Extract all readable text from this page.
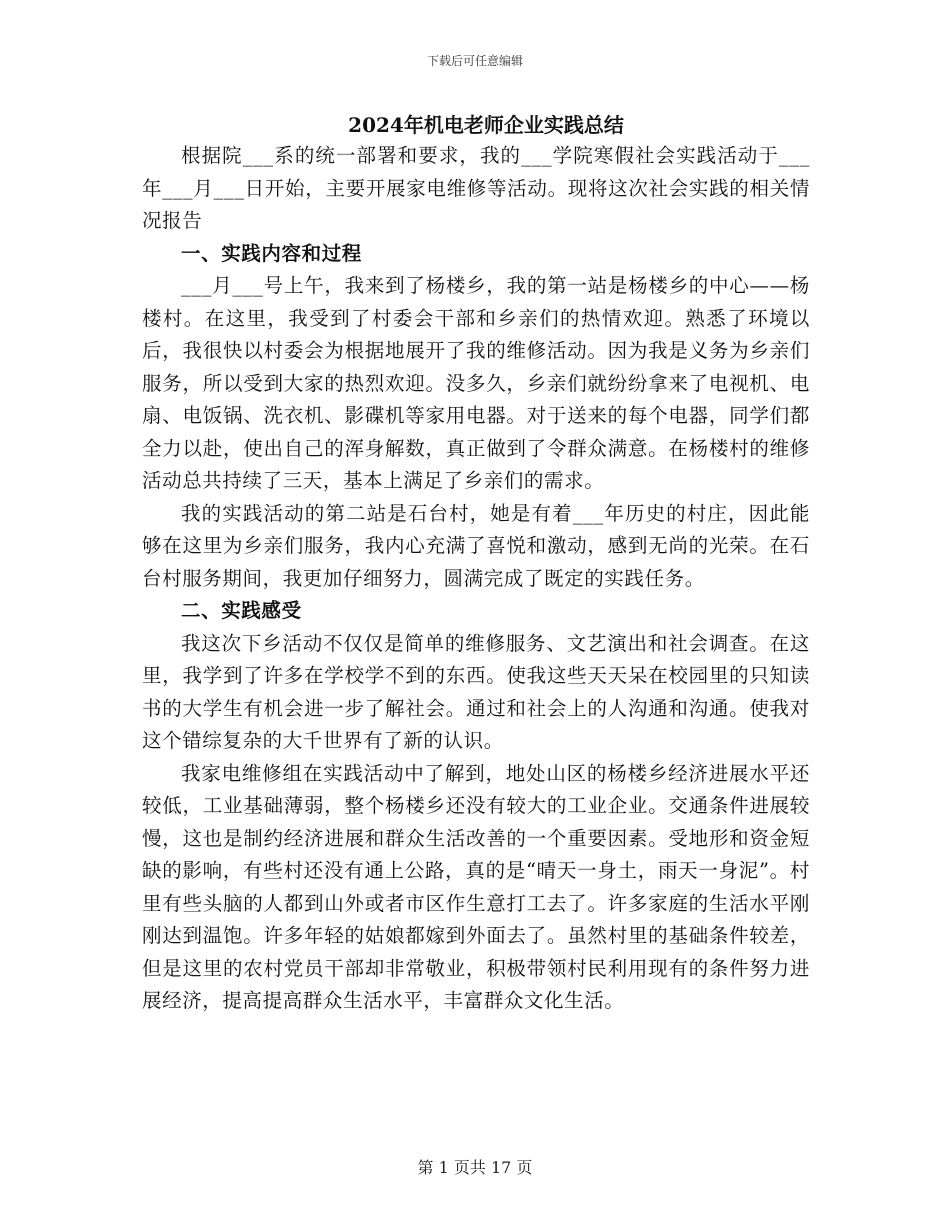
下载后可任意编辑
2024年机电老师企业实践总结

根据院___系的统一部署和要求，我的___学院寒假社会实践活动于___年___月___日开始，主要开展家电维修等活动。现将这次社会实践的相关情况报告

一、实践内容和过程

___月___号上午，我来到了杨楼乡，我的第一站是杨楼乡的中心——杨楼村。在这里，我受到了村委会干部和乡亲们的热情欢迎。熟悉了环境以后，我很快以村委会为根据地展开了我的维修活动。因为我是义务为乡亲们服务，所以受到大家的热烈欢迎。没多久，乡亲们就纷纷拿来了电视机、电扇、电饭锅、洗衣机、影碟机等家用电器。对于送来的每个电器，同学们都全力以赴，使出自己的浑身解数，真正做到了令群众满意。在杨楼村的维修活动总共持续了三天，基本上满足了乡亲们的需求。

我的实践活动的第二站是石台村，她是有着___年历史的村庄，因此能够在这里为乡亲们服务，我内心充满了喜悦和激动，感到无尚的光荣。在石台村服务期间，我更加仔细努力，圆满完成了既定的实践任务。

二、实践感受

我这次下乡活动不仅仅是简单的维修服务、文艺演出和社会调查。在这里，我学到了许多在学校学不到的东西。使我这些天天呆在校园里的只知读书的大学生有机会进一步了解社会。通过和社会上的人沟通和沟通。使我对这个错综复杂的大千世界有了新的认识。

我家电维修组在实践活动中了解到，地处山区的杨楼乡经济进展水平还较低，工业基础薄弱，整个杨楼乡还没有较大的工业企业。交通条件进展较慢，这也是制约经济进展和群众生活改善的一个重要因素。受地形和资金短缺的影响，有些村还没有通上公路，真的是“晴天一身土，雨天一身泥”。村里有些头脑的人都到山外或者市区作生意打工去了。许多家庭的生活水平刚刚达到温饱。许多年轻的姑娘都嫁到外面去了。虽然村里的基础条件较差，但是这里的农村党员干部却非常敬业，积极带领村民利用现有的条件努力进展经济，提高提高群众生活水平，丰富群众文化生活。

第 1 页共 17 页
